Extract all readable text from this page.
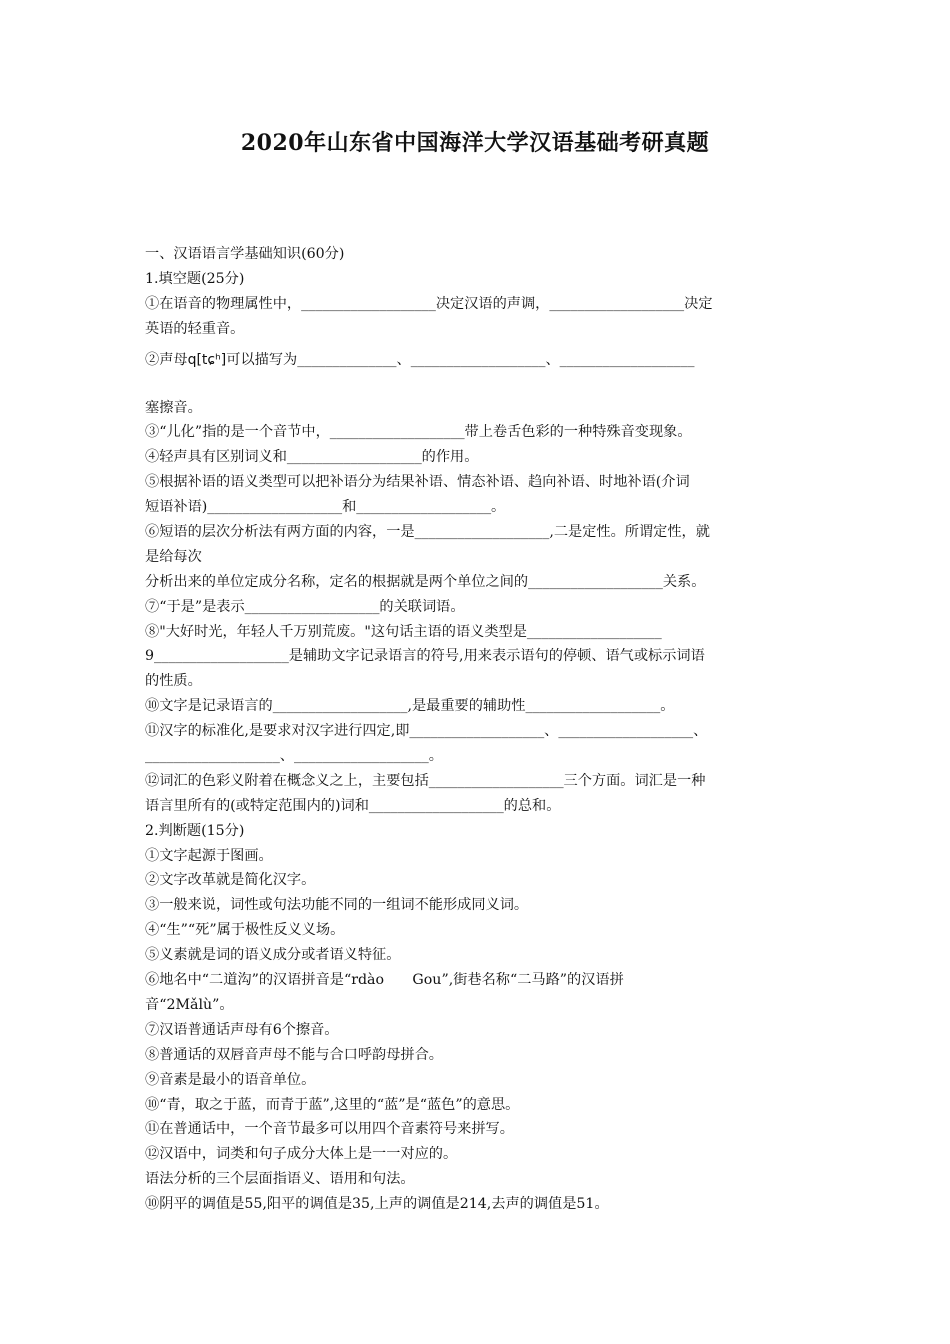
2020年山东省中国海洋大学汉语基础考研真题
一、汉语语言学基础知识(60分)
1.填空题(25分)
①在语音的物理属性中，___________________决定汉语的声调，___________________决定
英语的轻重音。
②声母q[tɕʰ]可以描写为______________、___________________、___________________
塞擦音。
③“儿化”指的是一个音节中，___________________带上卷舌色彩的一种特殊音变现象。
④轻声具有区别词义和___________________的作用。
⑤根据补语的语义类型可以把补语分为结果补语、情态补语、趋向补语、时地补语(介词
短语补语)___________________和___________________。
⑥短语的层次分析法有两方面的内容，一是___________________,二是定性。所谓定性，就
是给每次
分析出来的单位定成分名称，定名的根据就是两个单位之间的___________________关系。
⑦“于是”是表示___________________的关联词语。
⑧"大好时光，年轻人千万别荒废。"这句话主语的语义类型是___________________
9___________________是辅助文字记录语言的符号,用来表示语句的停顿、语气或标示词语
的性质。
⑩文字是记录语言的___________________,是最重要的辅助性___________________。
⑪汉字的标准化,是要求对汉字进行四定,即___________________、___________________、
___________________、___________________。
⑫词汇的色彩义附着在概念义之上，主要包括___________________三个方面。词汇是一种
语言里所有的(或特定范围内的)词和___________________的总和。
2.判断题(15分)
①文字起源于图画。
②文字改革就是简化汉字。
③一般来说，词性或句法功能不同的一组词不能形成同义词。
④“生”“死”属于极性反义义场。
⑤义素就是词的语义成分或者语义特征。
⑥地名中“二道沟”的汉语拼音是“rdào　　Gou”,街巷名称“二马路”的汉语拼
音“2Mǎlù”。
⑦汉语普通话声母有6个擦音。
⑧普通话的双唇音声母不能与合口呼韵母拼合。
⑨音素是最小的语音单位。
⑩“青，取之于蓝，而青于蓝”,这里的“蓝”是“蓝色”的意思。
⑪在普通话中，一个音节最多可以用四个音素符号来拼写。
⑫汉语中，词类和句子成分大体上是一一对应的。
语法分析的三个层面指语义、语用和句法。
⑩阴平的调值是55,阳平的调值是35,上声的调值是214,去声的调值是51。
